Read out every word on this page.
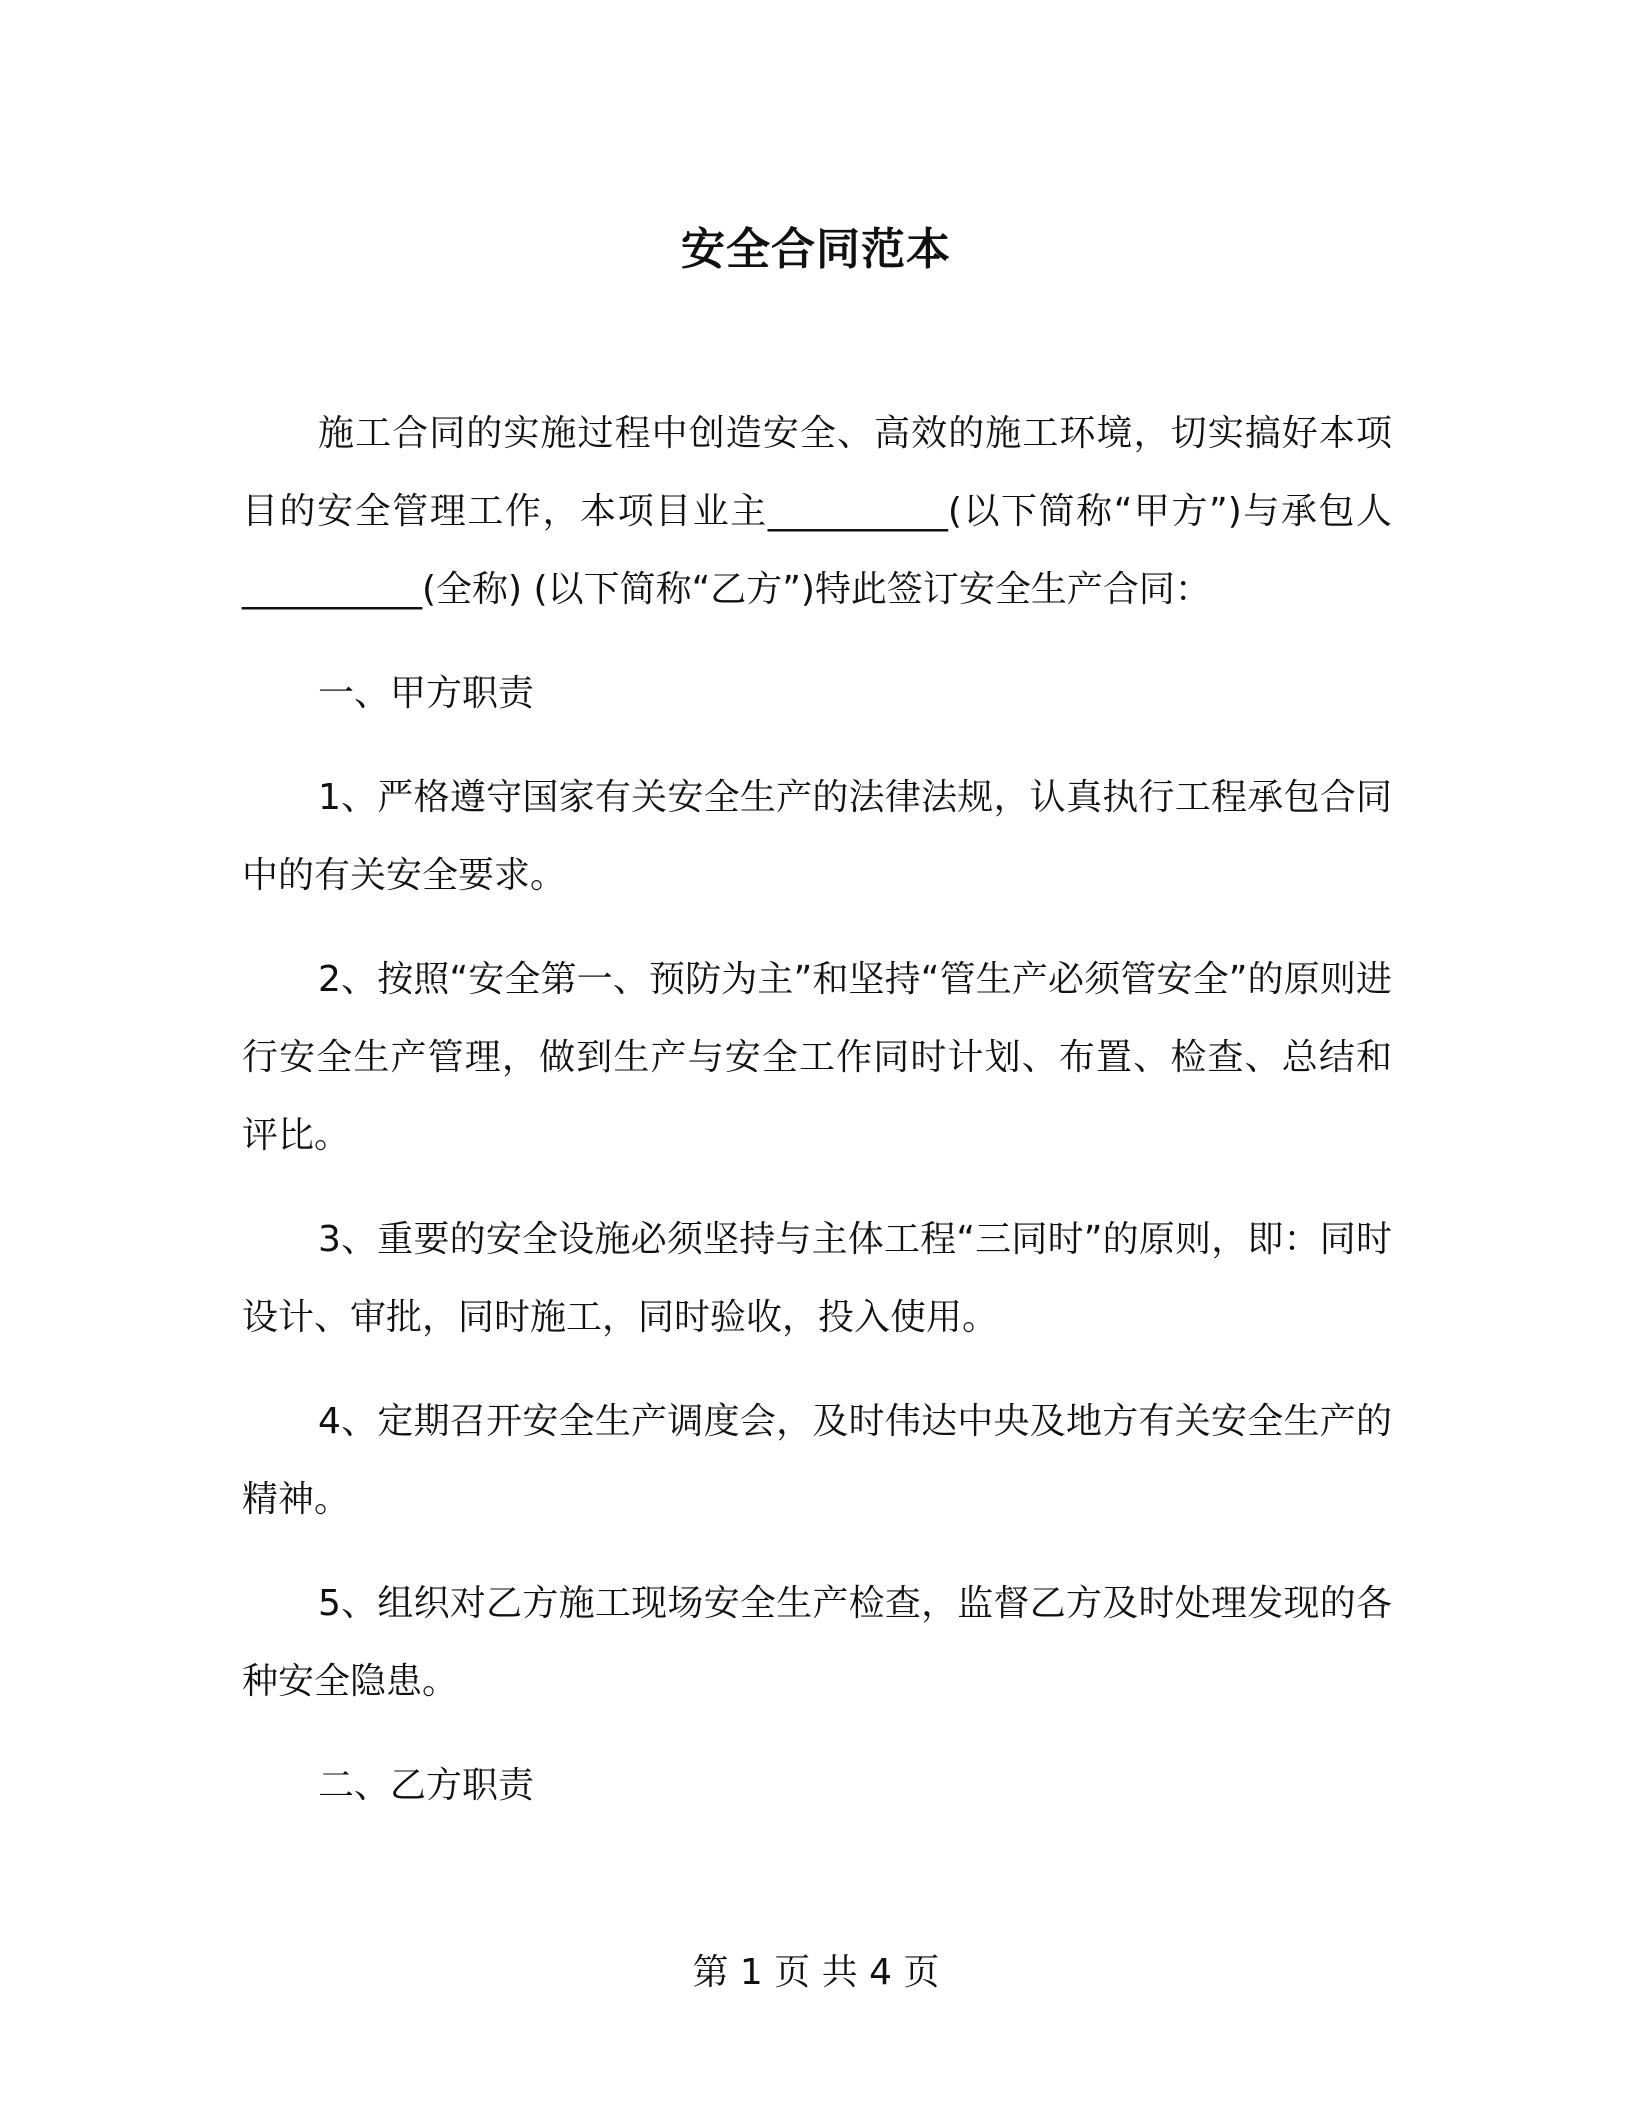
安全合同范本

施工合同的实施过程中创造安全、高效的施工环境，切实搞好本项目的安全管理工作，本项目业主__________(以下简称“甲方”)与承包人 __________(全称) (以下简称“乙方”)特此签订安全生产合同：

一、甲方职责

1、严格遵守国家有关安全生产的法律法规，认真执行工程承包合同中的有关安全要求。

2、按照“安全第一、预防为主”和坚持“管生产必须管安全”的原则进行安全生产管理，做到生产与安全工作同时计划、布置、检查、总结和评比。

3、重要的安全设施必须坚持与主体工程“三同时”的原则，即：同时设计、审批，同时施工，同时验收，投入使用。

4、定期召开安全生产调度会，及时伟达中央及地方有关安全生产的精神。

5、组织对乙方施工现场安全生产检查，监督乙方及时处理发现的各种安全隐患。

二、乙方职责

第 1 页 共 4 页
